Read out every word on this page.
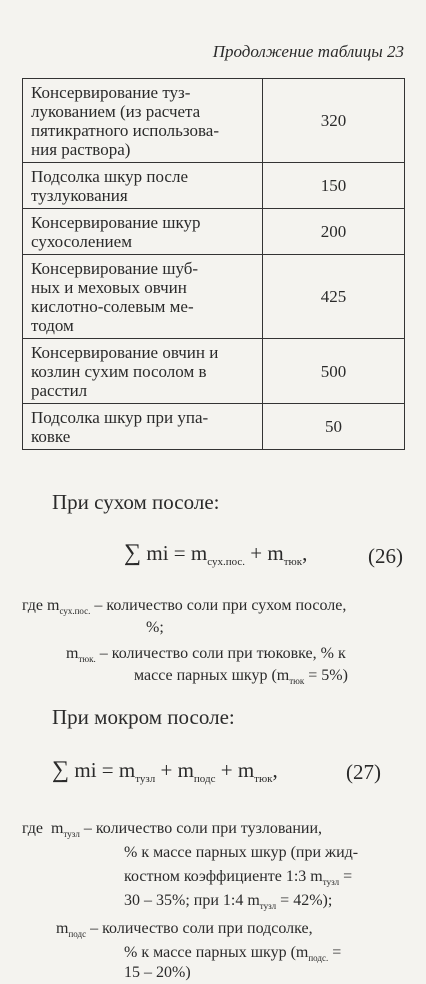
Продолжение таблицы 23
Консервирование туз-
лукованием (из расчета
пятикратного использова-
ния раствора)	320

Подсолка шкур после
тузлукования	150

Консервирование шкур
сухосолением	200

Консервирование шуб-
ных и меховых овчин
кислотно-солевым ме-
тодом	425

Консервирование овчин и
козлин сухим посолом в
расстил	500

Подсолка шкур при упа-
ковке	50
При сухом посоле:
∑ mi = $m_{сух.пос.} + m_{тюк}$,	(26)
где $m_{сух.пос.}$ – количество соли при сухом посоле,
%;
$m_{тюк.}$ – количество соли при тюковке, % к
массе парных шкур $(m_{тюк} = 5\%)$
При мокром посоле:
∑ mi = $m_{тузл} + m_{подс} + m_{тюк}$,	(27)
где  $m_{тузл}$ – количество соли при тузловании,
% к массе парных шкур (при жид-
костном коэффициенте 1:3 $m_{тузл}$ =
30 – 35%; при 1:4 $m_{тузл} = 42\%$);
$m_{подс}$ – количество соли при подсолке,
% к массе парных шкур ($m_{подс.}$ =
15 – 20%)
